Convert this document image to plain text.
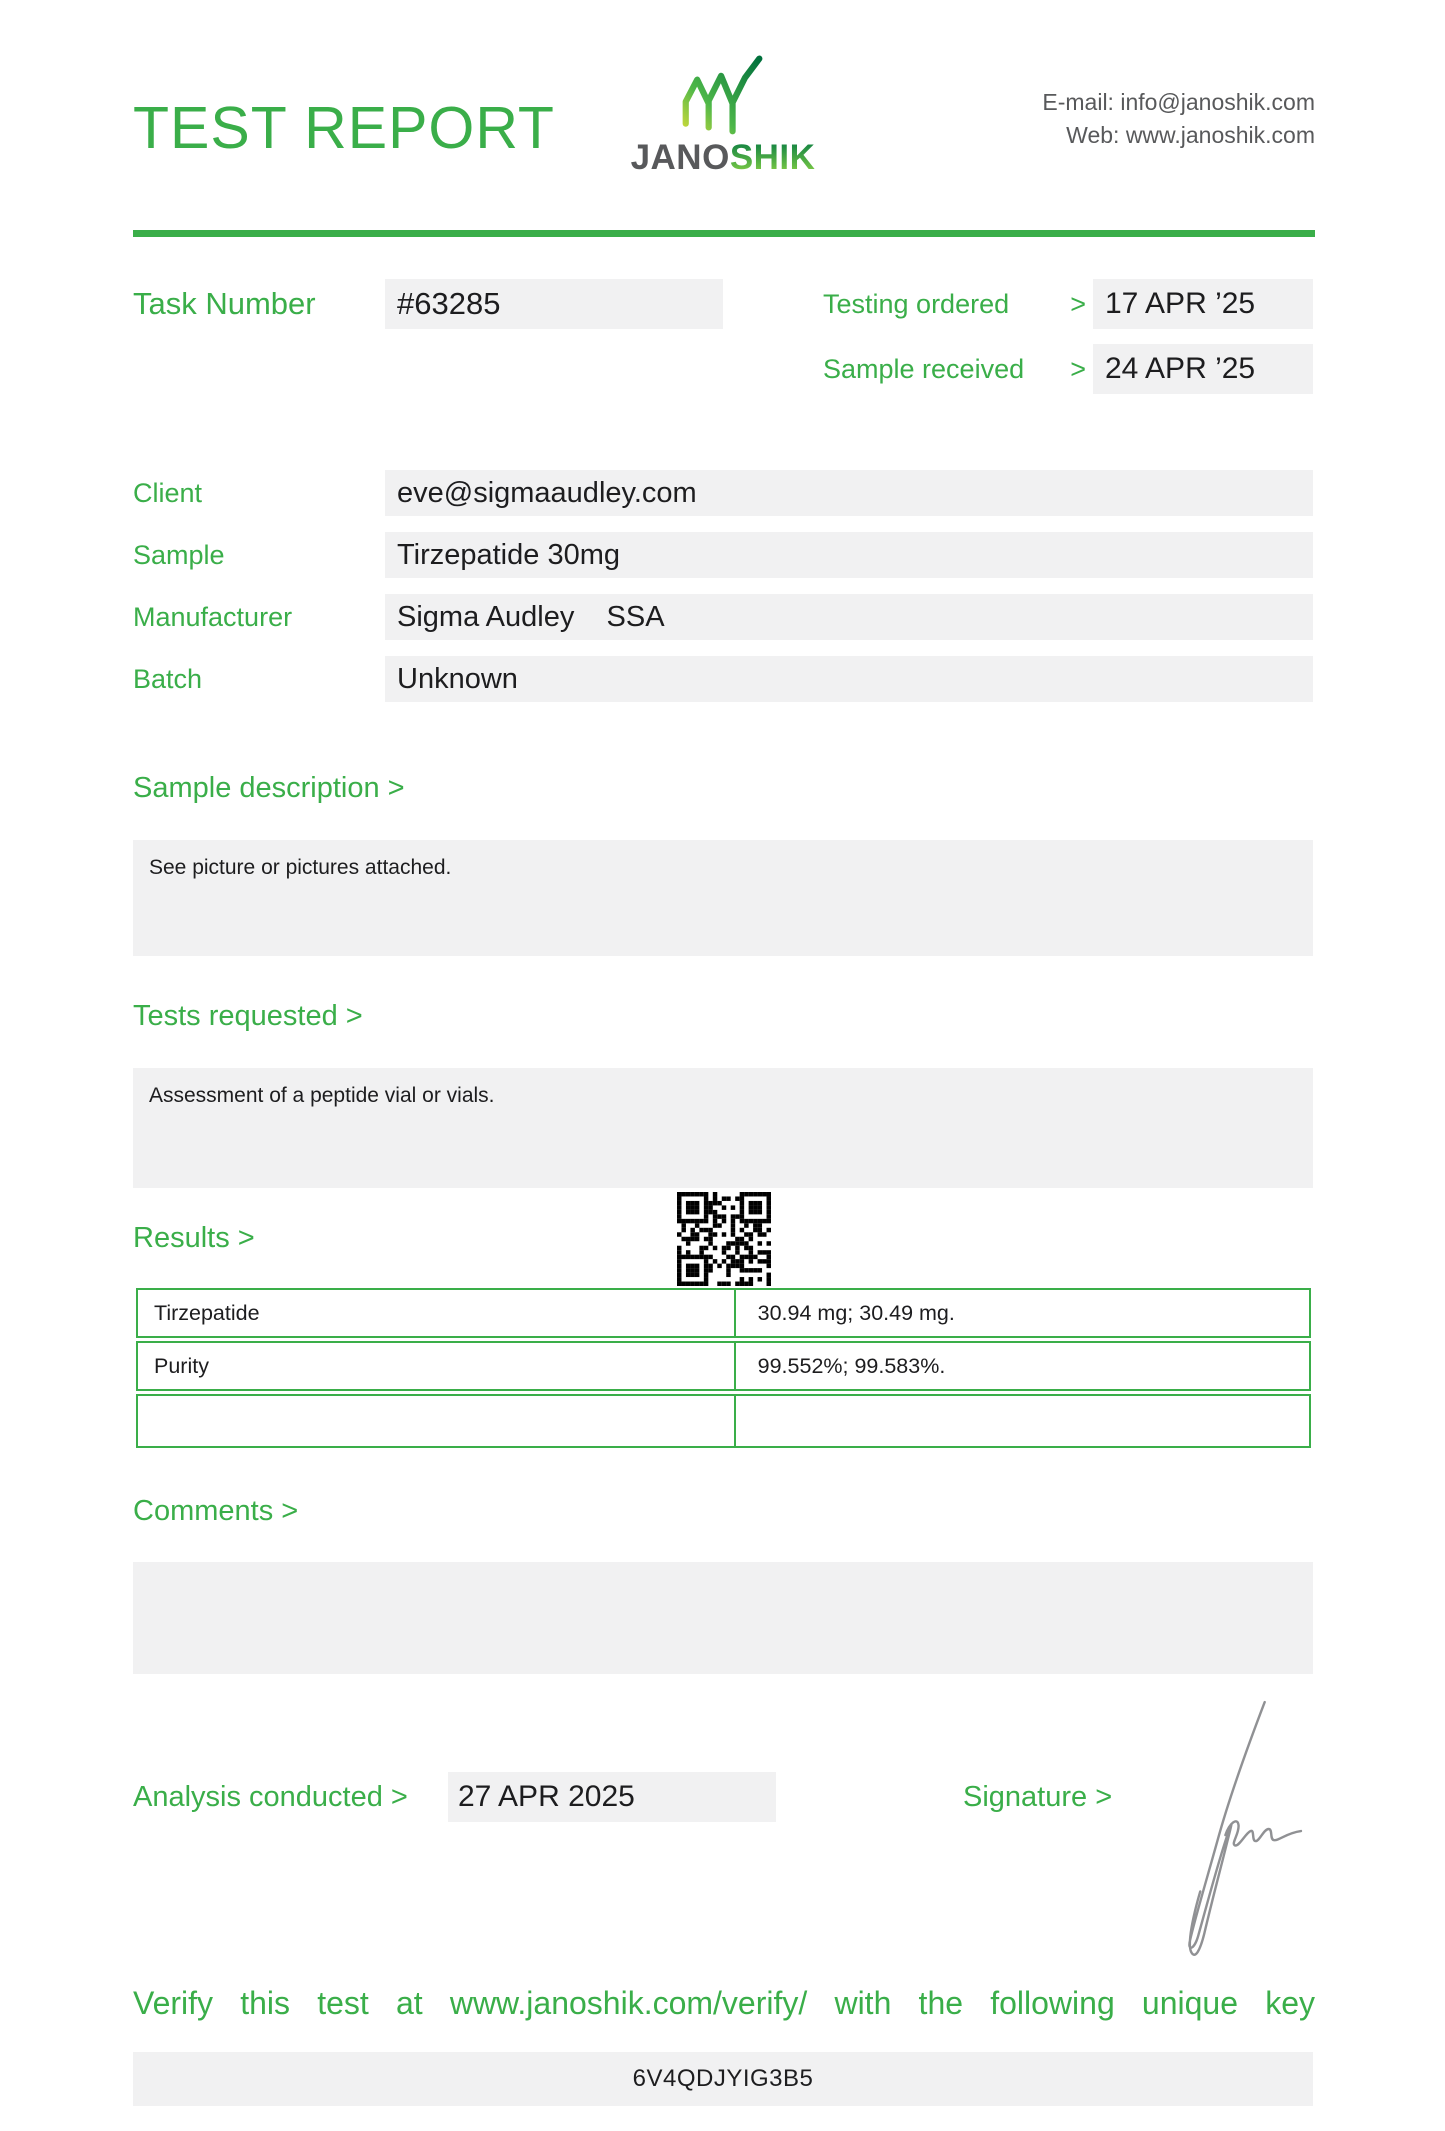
TEST REPORT	JANOSHIK
E-mail: info@janoshik.com
Web: www.janoshik.com
Task Number	#63285	Testing ordered > 17 APR ’25
Sample received > 24 APR ’25
Client	eve@sigmaaudley.com
Sample	Tirzepatide 30mg
Manufacturer	Sigma Audley    SSA
Batch	Unknown
Sample description >
See picture or pictures attached.
Tests requested >
Assessment of a peptide vial or vials.
Results >
Tirzepatide	30.94 mg; 30.49 mg.
Purity	99.552%; 99.583%.
Comments >
Analysis conducted >	27 APR 2025	Signature >
Verify this test at www.janoshik.com/verify/ with the following unique key
6V4QDJYIG3B5
